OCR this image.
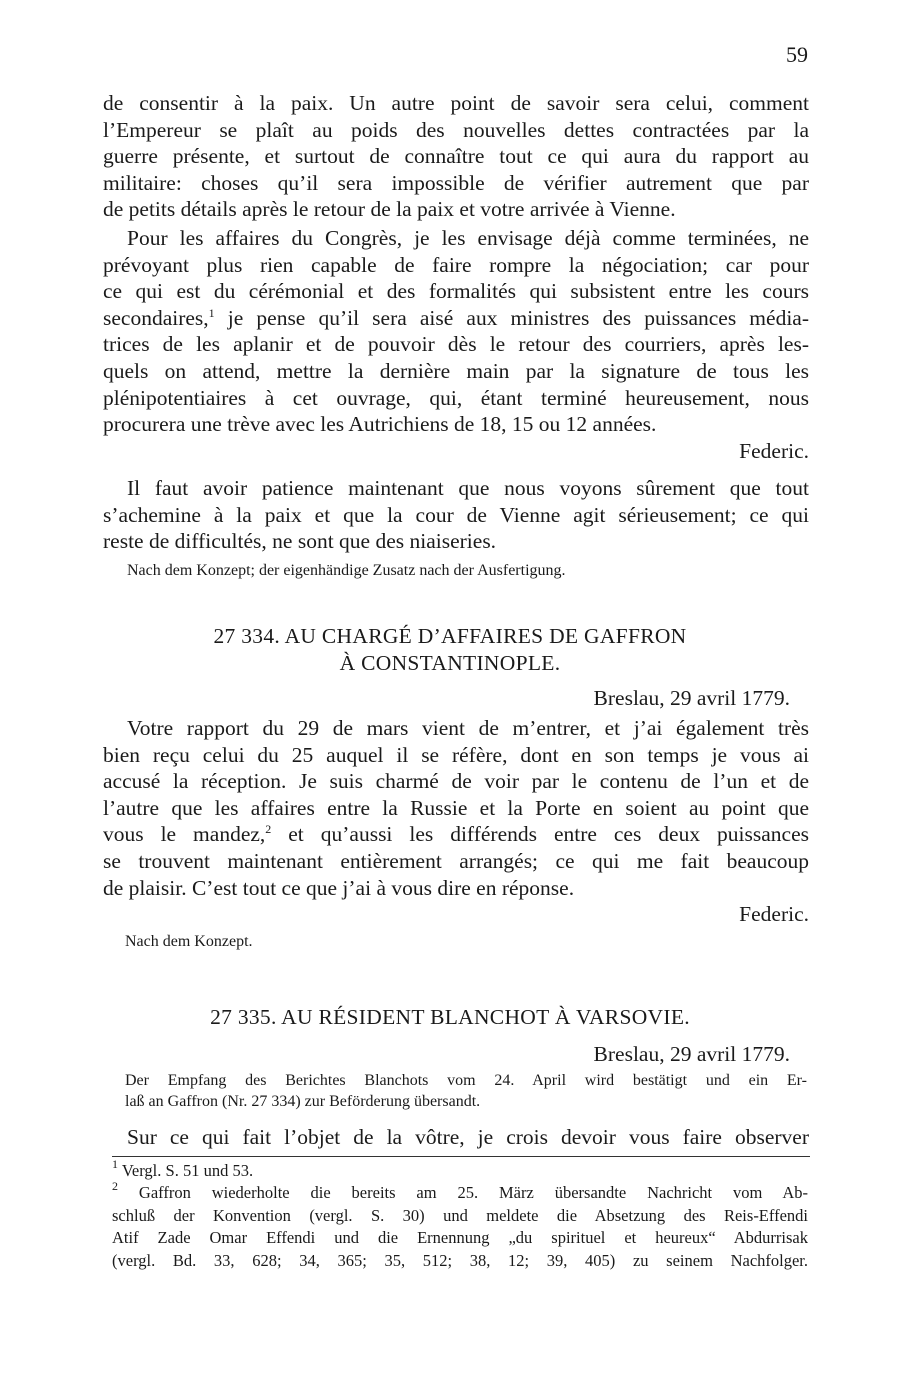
59
de consentir à la paix. Un autre point de savoir sera celui, comment
l’Empereur se plaît au poids des nouvelles dettes contractées par la
guerre présente, et surtout de connaître tout ce qui aura du rapport au
militaire: choses qu’il sera impossible de vérifier autrement que par
de petits détails après le retour de la paix et votre arrivée à Vienne.
Pour les affaires du Congrès, je les envisage déjà comme terminées, ne
prévoyant plus rien capable de faire rompre la négociation; car pour
ce qui est du cérémonial et des formalités qui subsistent entre les cours
secondaires,$^1$ je pense qu’il sera aisé aux ministres des puissances média-
trices de les aplanir et de pouvoir dès le retour des courriers, après les-
quels on attend, mettre la dernière main par la signature de tous les
plénipotentiaires à cet ouvrage, qui, étant terminé heureusement, nous
procurera une trève avec les Autrichiens de 18, 15 ou 12 années.
Federic.
Il faut avoir patience maintenant que nous voyons sûrement que tout
s’achemine à la paix et que la cour de Vienne agit sérieusement; ce qui
reste de difficultés, ne sont que des niaiseries.
Nach dem Konzept; der eigenhändige Zusatz nach der Ausfertigung.
27 334. AU CHARGÉ D’AFFAIRES DE GAFFRON
À CONSTANTINOPLE.
Breslau, 29 avril 1779.
Votre rapport du 29 de mars vient de m’entrer, et j’ai également très
bien reçu celui du 25 auquel il se réfère, dont en son temps je vous ai
accusé la réception. Je suis charmé de voir par le contenu de l’un et de
l’autre que les affaires entre la Russie et la Porte en soient au point que
vous le mandez,$^2$ et qu’aussi les différends entre ces deux puissances
se trouvent maintenant entièrement arrangés; ce qui me fait beaucoup
de plaisir. C’est tout ce que j’ai à vous dire en réponse.
Federic.
Nach dem Konzept.
27 335. AU RÉSIDENT BLANCHOT À VARSOVIE.
Breslau, 29 avril 1779.
Der Empfang des Berichtes Blanchots vom 24. April wird bestätigt und ein Er-
laß an Gaffron (Nr. 27 334) zur Beförderung übersandt.
Sur ce qui fait l’objet de la vôtre, je crois devoir vous faire observer
$^1$ Vergl. S. 51 und 53.
$^2$ Gaffron wiederholte die bereits am 25. März übersandte Nachricht vom Ab-
schluß der Konvention (vergl. S. 30) und meldete die Absetzung des Reis-Effendi
Atif Zade Omar Effendi und die Ernennung „du spirituel et heureux“ Abdurrisak
(vergl. Bd. 33, 628; 34, 365; 35, 512; 38, 12; 39, 405) zu seinem Nachfolger.
